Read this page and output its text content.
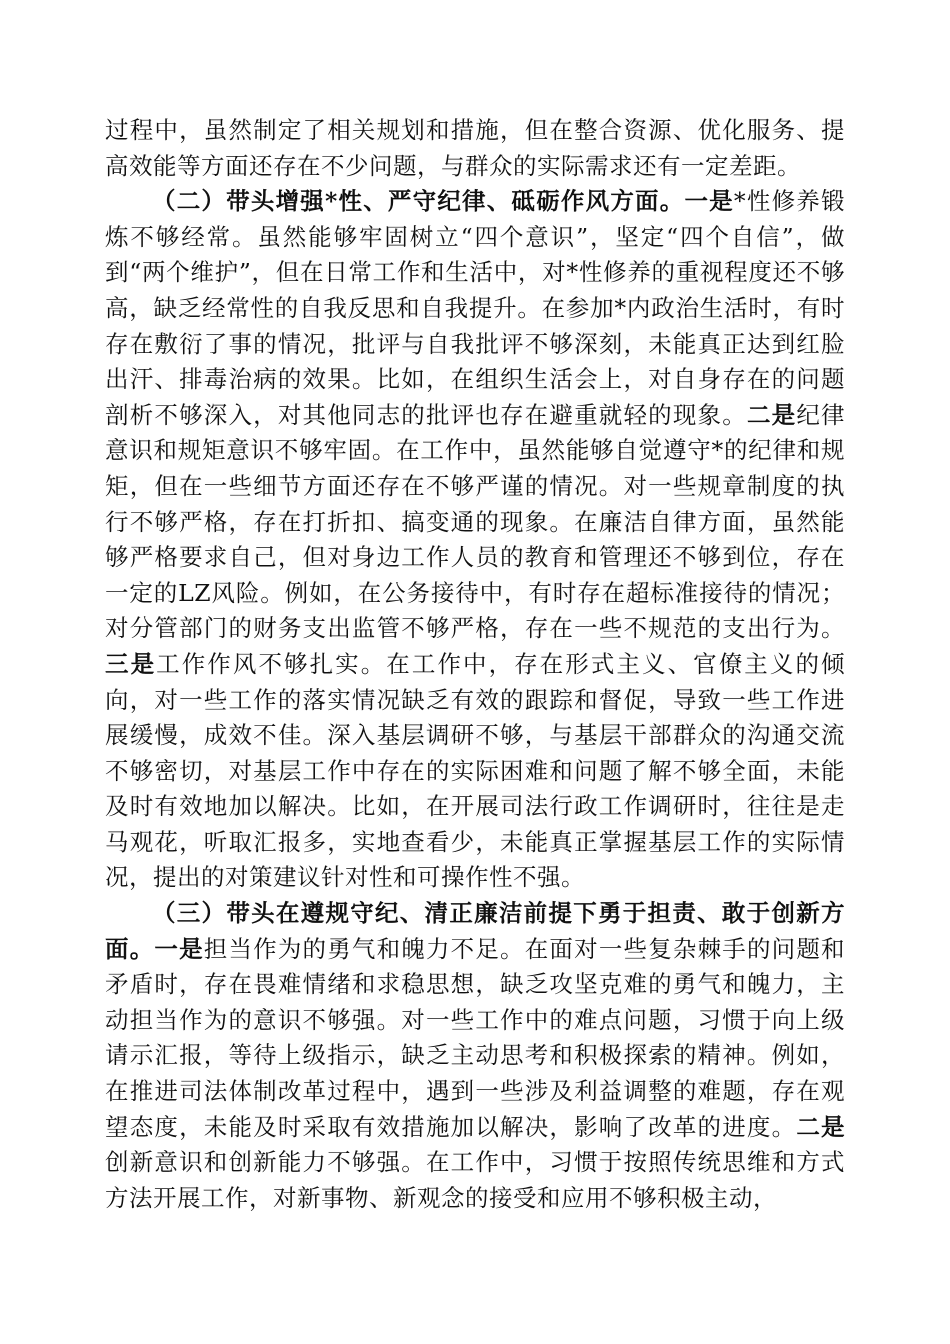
过程中，虽然制定了相关规划和措施，但在整合资源、优化服务、提高效能等方面还存在不少问题，与群众的实际需求还有一定差距。

（二）带头增强*性、严守纪律、砥砺作风方面。一是*性修养锻炼不够经常。虽然能够牢固树立“四个意识”，坚定“四个自信”，做到“两个维护”，但在日常工作和生活中，对*性修养的重视程度还不够高，缺乏经常性的自我反思和自我提升。在参加*内政治生活时，有时存在敷衍了事的情况，批评与自我批评不够深刻，未能真正达到红脸出汗、排毒治病的效果。比如，在组织生活会上，对自身存在的问题剖析不够深入，对其他同志的批评也存在避重就轻的现象。二是纪律意识和规矩意识不够牢固。在工作中，虽然能够自觉遵守*的纪律和规矩，但在一些细节方面还存在不够严谨的情况。对一些规章制度的执行不够严格，存在打折扣、搞变通的现象。在廉洁自律方面，虽然能够严格要求自己，但对身边工作人员的教育和管理还不够到位，存在一定的LZ风险。例如，在公务接待中，有时存在超标准接待的情况；对分管部门的财务支出监管不够严格，存在一些不规范的支出行为。三是工作作风不够扎实。在工作中，存在形式主义、官僚主义的倾向，对一些工作的落实情况缺乏有效的跟踪和督促，导致一些工作进展缓慢，成效不佳。深入基层调研不够，与基层干部群众的沟通交流不够密切，对基层工作中存在的实际困难和问题了解不够全面，未能及时有效地加以解决。比如，在开展司法行政工作调研时，往往是走马观花，听取汇报多，实地查看少，未能真正掌握基层工作的实际情况，提出的对策建议针对性和可操作性不强。

（三）带头在遵规守纪、清正廉洁前提下勇于担责、敢于创新方面。一是担当作为的勇气和魄力不足。在面对一些复杂棘手的问题和矛盾时，存在畏难情绪和求稳思想，缺乏攻坚克难的勇气和魄力，主动担当作为的意识不够强。对一些工作中的难点问题，习惯于向上级请示汇报，等待上级指示，缺乏主动思考和积极探索的精神。例如，在推进司法体制改革过程中，遇到一些涉及利益调整的难题，存在观望态度，未能及时采取有效措施加以解决，影响了改革的进度。二是创新意识和创新能力不够强。在工作中，习惯于按照传统思维和方式方法开展工作，对新事物、新观念的接受和应用不够积极主动，
